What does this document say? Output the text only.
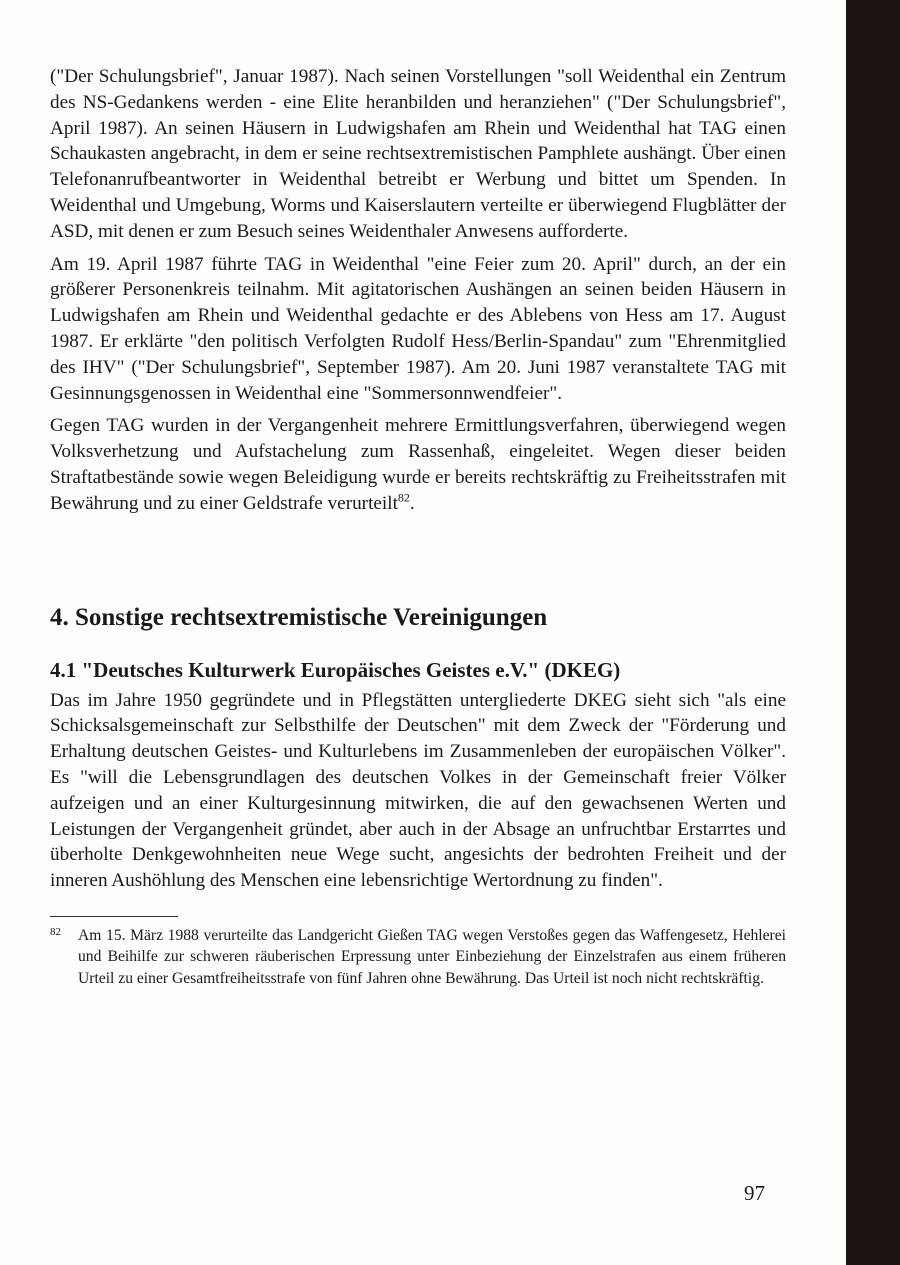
("Der Schulungsbrief", Januar 1987). Nach seinen Vorstellungen "soll Weidenthal ein Zentrum des NS-Gedankens werden - eine Elite heranbilden und heranziehen" ("Der Schulungsbrief", April 1987). An seinen Häusern in Ludwigshafen am Rhein und Weidenthal hat TAG einen Schaukasten angebracht, in dem er seine rechtsextremistischen Pamphlete aushängt. Über einen Telefonanrufbeantworter in Weidenthal betreibt er Werbung und bittet um Spenden. In Weidenthal und Umgebung, Worms und Kaiserslautern verteilte er überwiegend Flugblätter der ASD, mit denen er zum Besuch seines Weidenthaler Anwesens aufforderte.

Am 19. April 1987 führte TAG in Weidenthal "eine Feier zum 20. April" durch, an der ein größerer Personenkreis teilnahm. Mit agitatorischen Aushängen an seinen beiden Häusern in Ludwigshafen am Rhein und Weidenthal gedachte er des Ablebens von Hess am 17. August 1987. Er erklärte "den politisch Verfolgten Rudolf Hess/Berlin-Spandau" zum "Ehrenmitglied des IHV" ("Der Schulungsbrief", September 1987). Am 20. Juni 1987 veranstaltete TAG mit Gesinnungsgenossen in Weidenthal eine "Sommersonnwendfeier".

Gegen TAG wurden in der Vergangenheit mehrere Ermittlungsverfahren, überwiegend wegen Volksverhetzung und Aufstachelung zum Rassenhaß, eingeleitet. Wegen dieser beiden Straftatbestände sowie wegen Beleidigung wurde er bereits rechtskräftig zu Freiheitsstrafen mit Bewährung und zu einer Geldstrafe verurteilt$^{82}$.

4. Sonstige rechtsextremistische Vereinigungen
4.1 "Deutsches Kulturwerk Europäisches Geistes e.V." (DKEG)

Das im Jahre 1950 gegründete und in Pflegstätten untergliederte DKEG sieht sich "als eine Schicksalsgemeinschaft zur Selbsthilfe der Deutschen" mit dem Zweck der "Förderung und Erhaltung deutschen Geistes- und Kulturlebens im Zusammenleben der europäischen Völker". Es "will die Lebensgrundlagen des deutschen Volkes in der Gemeinschaft freier Völker aufzeigen und an einer Kulturgesinnung mitwirken, die auf den gewachsenen Werten und Leistungen der Vergangenheit gründet, aber auch in der Absage an unfruchtbar Erstarrtes und überholte Denkgewohnheiten neue Wege sucht, angesichts der bedrohten Freiheit und der inneren Aushöhlung des Menschen eine lebensrichtige Wertordnung zu finden".

82 Am 15. März 1988 verurteilte das Landgericht Gießen TAG wegen Verstoßes gegen das Waffengesetz, Hehlerei und Beihilfe zur schweren räuberischen Erpressung unter Einbeziehung der Einzelstrafen aus einem früheren Urteil zu einer Gesamtfreiheitsstrafe von fünf Jahren ohne Bewährung. Das Urteil ist noch nicht rechtskräftig.
97
